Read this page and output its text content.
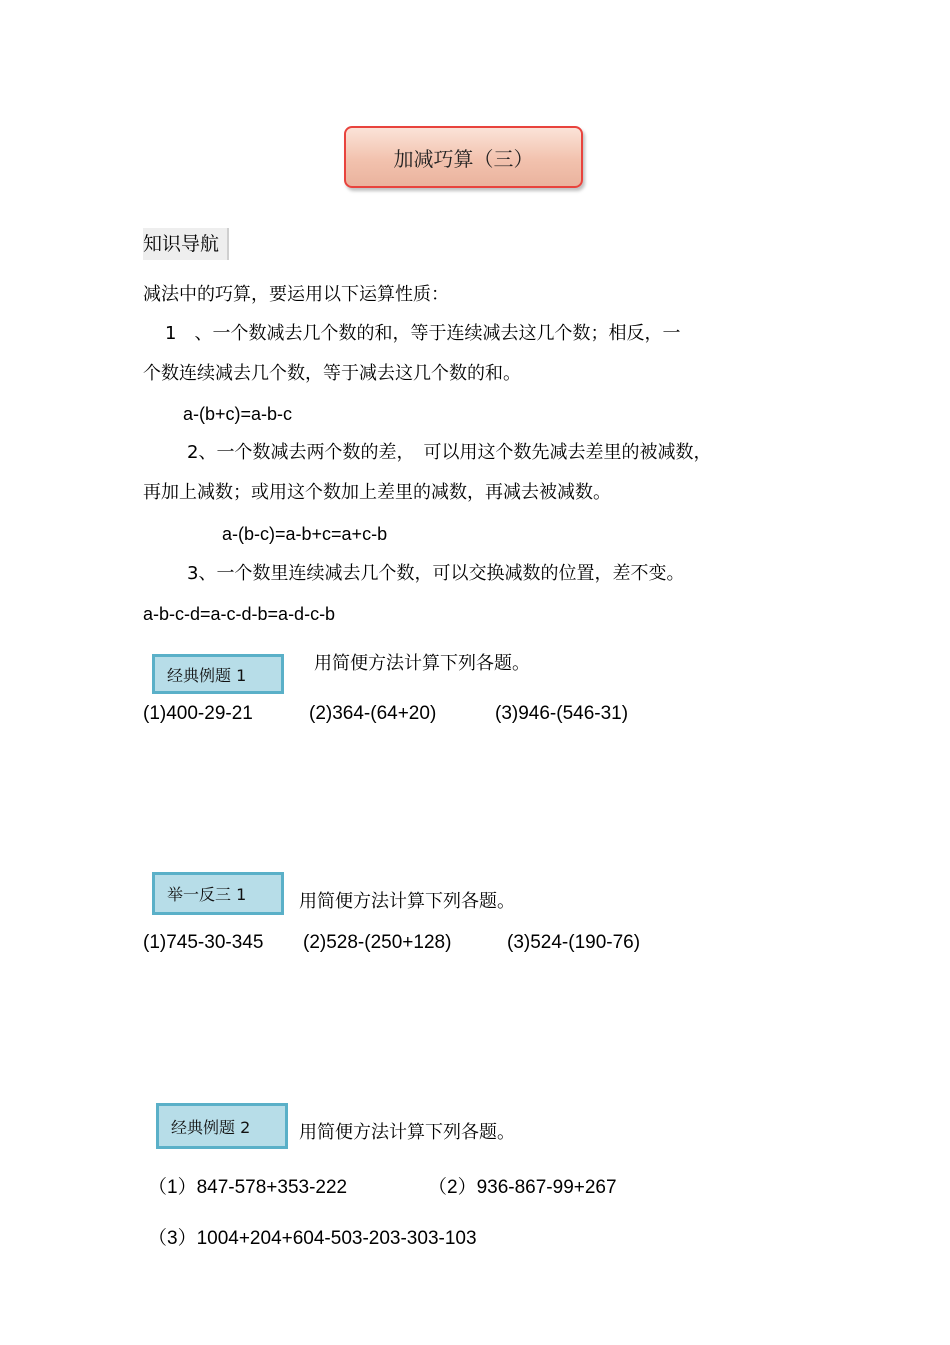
加减巧算（三）
知识导航
减法中的巧算，要运用以下运算性质：
1　、一个数减去几个数的和，等于连续减去这几个数；相反，一
个数连续减去几个数，等于减去这几个数的和。
a-(b+c)=a-b-c
2、一个数减去两个数的差，　可以用这个数先减去差里的被减数，
再加上减数；或用这个数加上差里的减数，再减去被减数。
a-(b-c)=a-b+c=a+c-b
3、一个数里连续减去几个数，可以交换减数的位置，差不变。
a-b-c-d=a-c-d-b=a-d-c-b
经典例题 1
用简便方法计算下列各题。
(1)400-29-21	(2)364-(64+20)	(3)946-(546-31)
举一反三 1	用简便方法计算下列各题。
(1)745-30-345 (2)528-(250+128)	(3)524-(190-76)
经典例题 2	用简便方法计算下列各题。
（1）847-578+353-222	（2）936-867-99+267
（3）1004+204+604-503-203-303-103
